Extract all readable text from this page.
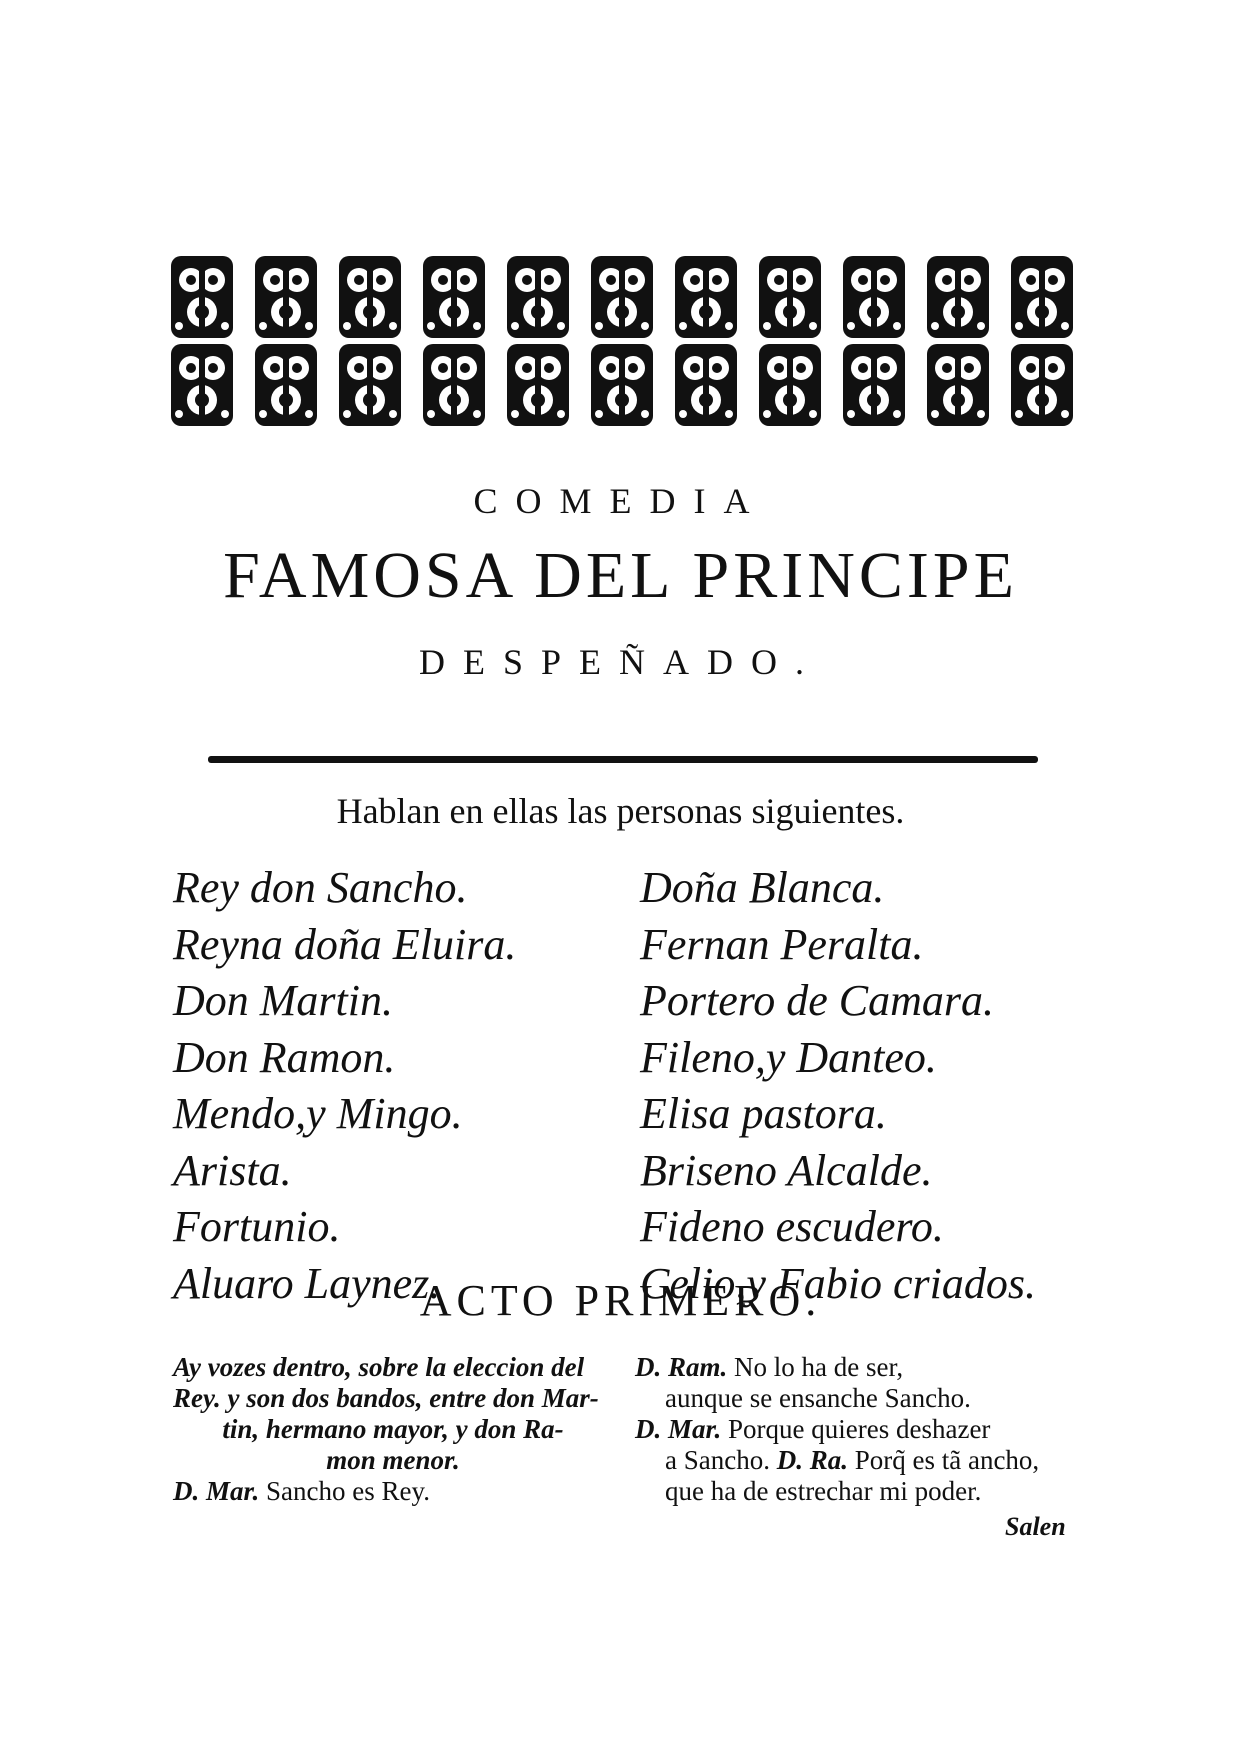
COMEDIA
FAMOSA DEL PRINCIPE
DESPEÑADO.
Hablan en ellas las personas siguientes.
Rey don Sancho.
Reyna doña Eluira.
Don Martin.
Don Ramon.
Mendo,y Mingo.
Arista.
Fortunio.
Aluaro Laynez.
Doña Blanca.
Fernan Peralta.
Portero de Camara.
Fileno,y Danteo.
Elisa pastora.
Briseno Alcalde.
Fideno escudero.
Celio,y Fabio criados.
ACTO PRIMERO.
Ay vozes dentro, sobre la eleccion del
Rey. y son dos bandos, entre don Mar-
tin, hermano mayor, y don Ra-
mon menor.
D. Mar. Sancho es Rey.
D. Ram. No lo ha de ser,
aunque se ensanche Sancho.
D. Mar. Porque quieres deshazer
a Sancho. D. Ra. Porq̃ es tã ancho,
que ha de estrechar mi poder.
Salen
